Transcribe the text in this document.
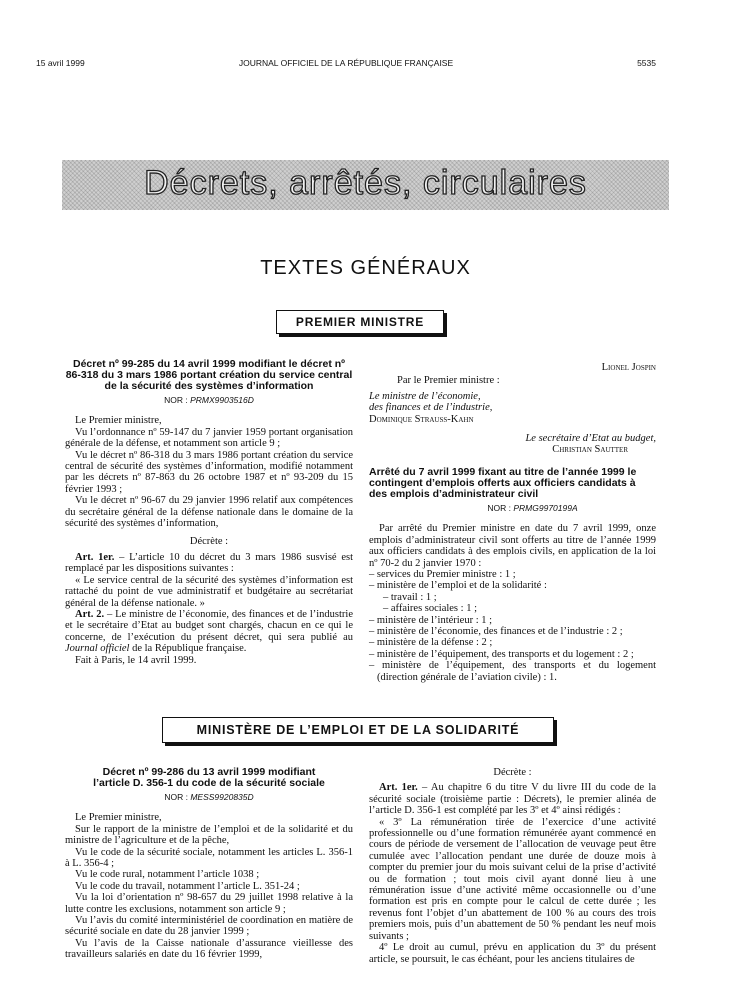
15 avril 1999	JOURNAL OFFICIEL DE LA RÉPUBLIQUE FRANÇAISE	5535
Décrets, arrêtés, circulaires
TEXTES GÉNÉRAUX
PREMIER MINISTRE
Décret nº 99-285 du 14 avril 1999 modifiant le décret nº 86-318 du 3 mars 1986 portant création du service central de la sécurité des systèmes d’information
NOR : PRMX9903516D

Le Premier ministre,

Vu l’ordonnance nº 59-147 du 7 janvier 1959 portant organisation générale de la défense, et notamment son article 9 ;

Vu le décret nº 86-318 du 3 mars 1986 portant création du service central de sécurité des systèmes d’information, modifié notamment par les décrets nº 87-863 du 26 octobre 1987 et nº 93-209 du 15 février 1993 ;

Vu le décret nº 96-67 du 29 janvier 1996 relatif aux compétences du secrétaire général de la défense nationale dans le domaine de la sécurité des systèmes d’information,

Décrète :

Art. 1er. – L’article 10 du décret du 3 mars 1986 susvisé est remplacé par les dispositions suivantes :

« Le service central de la sécurité des systèmes d’information est rattaché du point de vue administratif et budgétaire au secrétariat général de la défense nationale. »

Art. 2. – Le ministre de l’économie, des finances et de l’industrie et le secrétaire d’Etat au budget sont chargés, chacun en ce qui le concerne, de l’exécution du présent décret, qui sera publié au Journal officiel de la République française.

Fait à Paris, le 14 avril 1999.

Lionel Jospin
Par le Premier ministre :
Le ministre de l’économie,
des finances et de l’industrie,
Dominique Strauss-Kahn
Le secrétaire d’Etat au budget,
Christian Sautter
Arrêté du 7 avril 1999 fixant au titre de l’année 1999 le contingent d’emplois offerts aux officiers candidats à des emplois d’administrateur civil
NOR : PRMG9970199A

Par arrêté du Premier ministre en date du 7 avril 1999, onze emplois d’administrateur civil sont offerts au titre de l’année 1999 aux officiers candidats à des emplois civils, en application de la loi nº 70-2 du 2 janvier 1970 :

– services du Premier ministre : 1 ;
– ministère de l’emploi et de la solidarité :
– travail : 1 ;
– affaires sociales : 1 ;
– ministère de l’intérieur : 1 ;
– ministère de l’économie, des finances et de l’industrie : 2 ;
– ministère de la défense : 2 ;
– ministère de l’équipement, des transports et du logement : 2 ;
– ministère de l’équipement, des transports et du logement (direction générale de l’aviation civile) : 1.
MINISTÈRE DE L’EMPLOI ET DE LA SOLIDARITÉ
Décret nº 99-286 du 13 avril 1999 modifiant l’article D. 356-1 du code de la sécurité sociale
NOR : MESS9920835D

Le Premier ministre,

Sur le rapport de la ministre de l’emploi et de la solidarité et du ministre de l’agriculture et de la pêche,

Vu le code de la sécurité sociale, notamment les articles L. 356-1 à L. 356-4 ;

Vu le code rural, notamment l’article 1038 ;

Vu le code du travail, notamment l’article L. 351-24 ;

Vu la loi d’orientation nº 98-657 du 29 juillet 1998 relative à la lutte contre les exclusions, notamment son article 9 ;

Vu l’avis du comité interministériel de coordination en matière de sécurité sociale en date du 28 janvier 1999 ;

Vu l’avis de la Caisse nationale d’assurance vieillesse des travailleurs salariés en date du 16 février 1999,

Décrète :

Art. 1er. – Au chapitre 6 du titre V du livre III du code de la sécurité sociale (troisième partie : Décrets), le premier alinéa de l’article D. 356-1 est complété par les 3º et 4º ainsi rédigés :

« 3º La rémunération tirée de l’exercice d’une activité professionnelle ou d’une formation rémunérée ayant commencé en cours de période de versement de l’allocation de veuvage peut être cumulée avec l’allocation pendant une durée de douze mois à compter du premier jour du mois suivant celui de la prise d’activité ou de formation ; tout mois civil ayant donné lieu à une rémunération issue d’une activité même occasionnelle ou d’une formation est pris en compte pour le calcul de cette durée ; les revenus font l’objet d’un abattement de 100 % au cours des trois premiers mois, puis d’un abattement de 50 % pendant les neuf mois suivants ;

4º Le droit au cumul, prévu en application du 3º du présent article, se poursuit, le cas échéant, pour les anciens titulaires de
